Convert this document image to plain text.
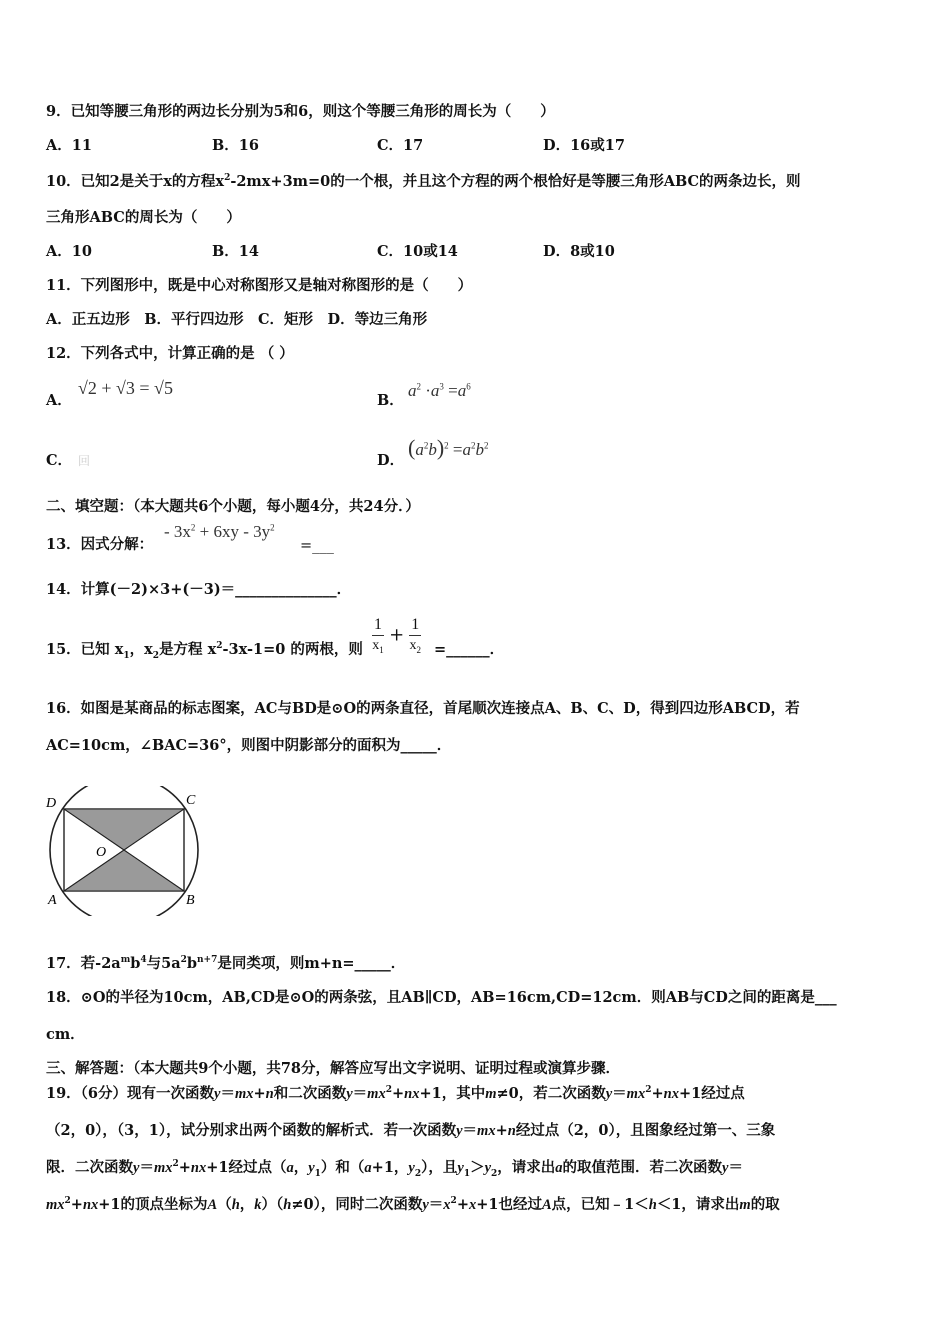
9．已知等腰三角形的两边长分别为5和6，则这个等腰三角形的周长为（　　）
A．11	B．16	C．17	D．16或17
10．已知2是关于x的方程$x^2-2mx+3m=0$的一个根，并且这个方程的两个根恰好是等腰三角形ABC的两条边长，则
三角形ABC的周长为（　　）
A．10	B．14	C．10或14	D．8或10
11．下列图形中，既是中心对称图形又是轴对称图形的是（　　）
A．正五边形　B．平行四边形　C．矩形　D．等边三角形
12．下列各式中，计算正确的是 （ ）
A．
√2 + √3 = √5
B．
$a^2 \cdot a^3 =a^6$
C． 回	D．
$(a^2b)^2 =a^2b^2$
二、填空题：（本大题共6个小题，每小题4分，共24分．）
13．因式分解：
- $3x^2 + 6xy - 3y^2$
=___
14．计算(－2)×3+(－3)＝______________．
15．已知 $x_1$，$x_2$是方程 $x^2-3x-1=0$ 的两根，则 $\frac{1}{x_1} + \frac{1}{x_2}$ =______．
16．如图是某商品的标志图案，AC与BD是⊙O的两条直径，首尾顺次连接点A、B、C、D，得到四边形ABCD，若
AC=10cm，∠BAC=36°，则图中阴影部分的面积为_____．
D	C
O
A	B
17．若$-2a^mb^4$与$5a^2b^{n+7}$是同类项，则m+n=_____．
18．⊙O的半径为10cm，AB,CD是⊙O的两条弦，且AB∥CD，AB=16cm,CD=12cm．则AB与CD之间的距离是___
cm．
三、解答题：（本大题共9个小题，共78分，解答应写出文字说明、证明过程或演算步骤．
19．（6分）现有一次函数y＝mx+n和二次函数$y=mx^2+nx+1$，其中m≠0，若二次函数$y=mx^2+nx+1$经过点
（2，0），（3，1），试分别求出两个函数的解析式．若一次函数y＝mx+n经过点（2，0），且图象经过第一、三象
限．二次函数$y=mx^2+nx+1$经过点（a，$y_1$）和（a+1，$y_2$），且$y_1>y_2$，请求出a的取值范围．若二次函数y＝
$mx^2+nx+1$的顶点坐标为A（h，k）（h≠0），同时二次函数$y=x^2+x+1$也经过A点，已知﹣1＜h＜1，请求出m的取
